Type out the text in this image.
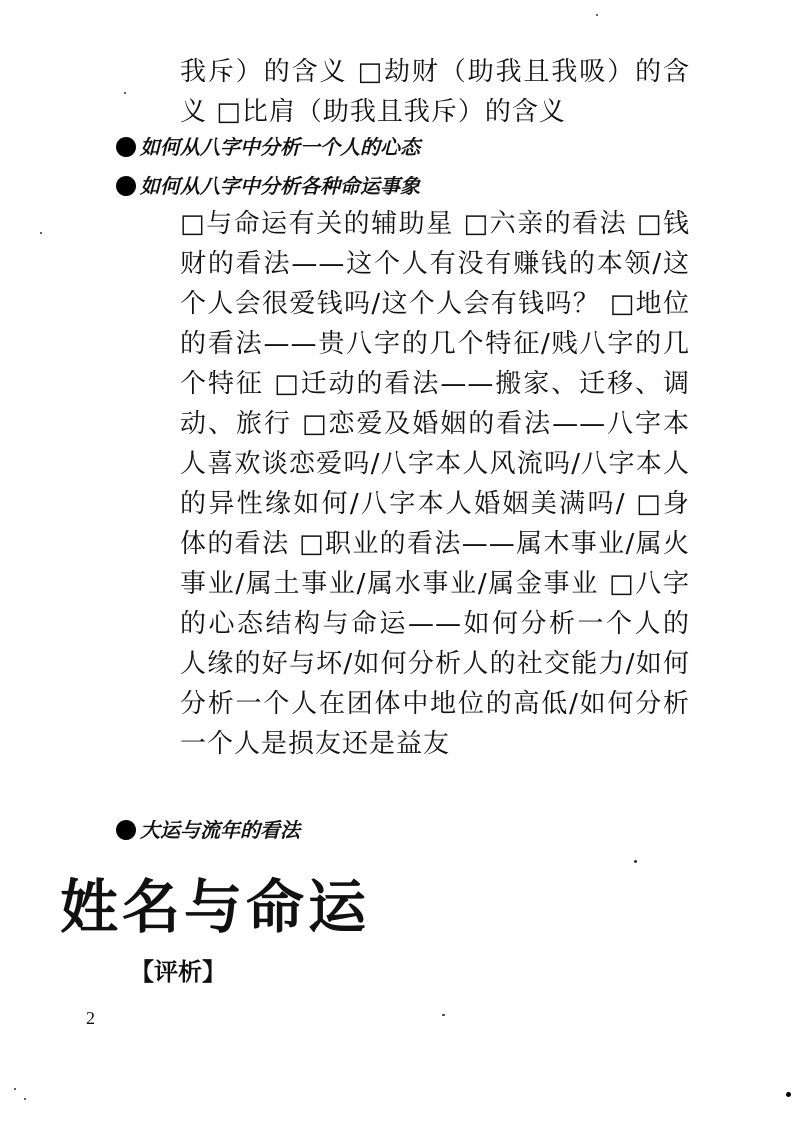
我斥）的含义 □劫财（助我且我吸）的含义 □比肩（助我且我斥）的含义
如何从八字中分析一个人的心态
如何从八字中分析各种命运事象
□与命运有关的辅助星 □六亲的看法 □钱财的看法——这个人有没有赚钱的本领/这个人会很爱钱吗/这个人会有钱吗？ □地位的看法——贵八字的几个特征/贱八字的几个特征 □迁动的看法——搬家、迁移、调动、旅行 □恋爱及婚姻的看法——八字本人喜欢谈恋爱吗/八字本人风流吗/八字本人的异性缘如何/八字本人婚姻美满吗/ □身体的看法 □职业的看法——属木事业/属火事业/属土事业/属水事业/属金事业 □八字的心态结构与命运——如何分析一个人的人缘的好与坏/如何分析人的社交能力/如何分析一个人在团体中地位的高低/如何分析一个人是损友还是益友
大运与流年的看法
姓名与命运
【评析】
2
